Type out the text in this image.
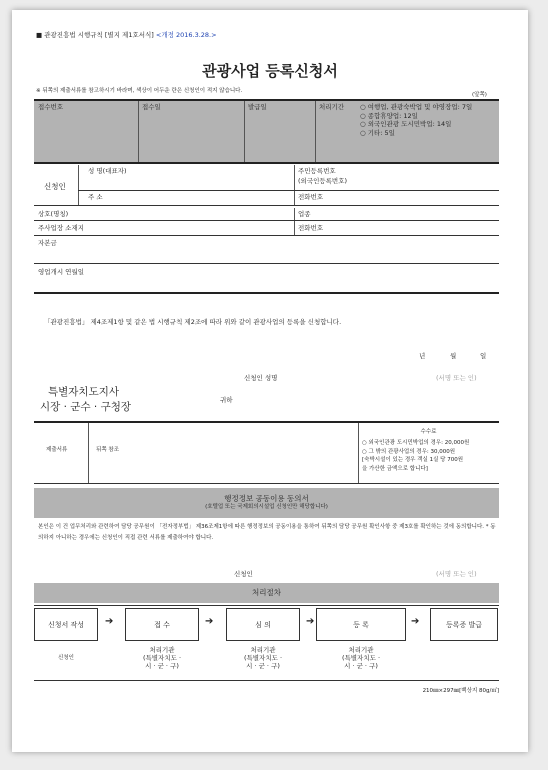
■ 관광진흥법 시행규칙 [별지 제1호서식] <개정 2016.3.28.>
관광사업 등록신청서
※ 뒤쪽의 제출서류를 참고하시기 바라며, 색상이 어두운 란은 신청인이 적지 않습니다.
(앞쪽)
접수번호	접수일	발급일	처리기간 ○ 여행업, 관광숙박업 및 야영장업: 7일
○ 종합휴양업: 12일
○ 외국인관광 도시민박업: 14일
○ 기타: 5일
신청인
성 명(대표자)	주민등록번호
(외국인등록번호)
주 소	전화번호
상호(명칭)	업종
주사업장 소재지	전화번호
자본금
영업개시 연월일
「관광진흥법」 제4조제1항 및 같은 법 시행규칙 제2조에 따라 위와 같이 관광사업의 등록을 신청합니다.
년	월	일
신청인 성명	(서명 또는 인)
특별자치도지사
시장 · 군수 · 구청장
귀하
제출서류	뒤쪽 참조
수수료
○ 외국인관광 도시민박업의 경우: 20,000원
○ 그 밖의 관광사업의 경우: 30,000원
[숙박시설이 있는 경우 객실 1실 당 700원
을 가산한 금액으로 합니다]
행정정보 공동이용 동의서
(호텔업 또는 국제회의시설업 신청인만 해당합니다)
본인은 이 건 업무처리와 관련하여 담당 공무원이 「전자정부법」 제36조제1항에 따른 행정정보의 공동이용을 통하여 뒤쪽의 담당 공무원 확인사항 중 제3호를 확인하는 것에 동의합니다. * 동의하지 아니하는 경우에는 신청인이 직접 관련 서류를 제출하여야 합니다.
신청인	(서명 또는 인)
처리절차
신청서 작성	➔	접 수	➔	심 의	➔	등 록	➔	등록증 발급
신청인
처리기관
(특별자치도 ·
시 · 군 · 구)
처리기관
(특별자치도 ·
시 · 군 · 구)
처리기관
(특별자치도 ·
시 · 군 · 구)
210㎜×297㎜[백상지 80g/㎡]
